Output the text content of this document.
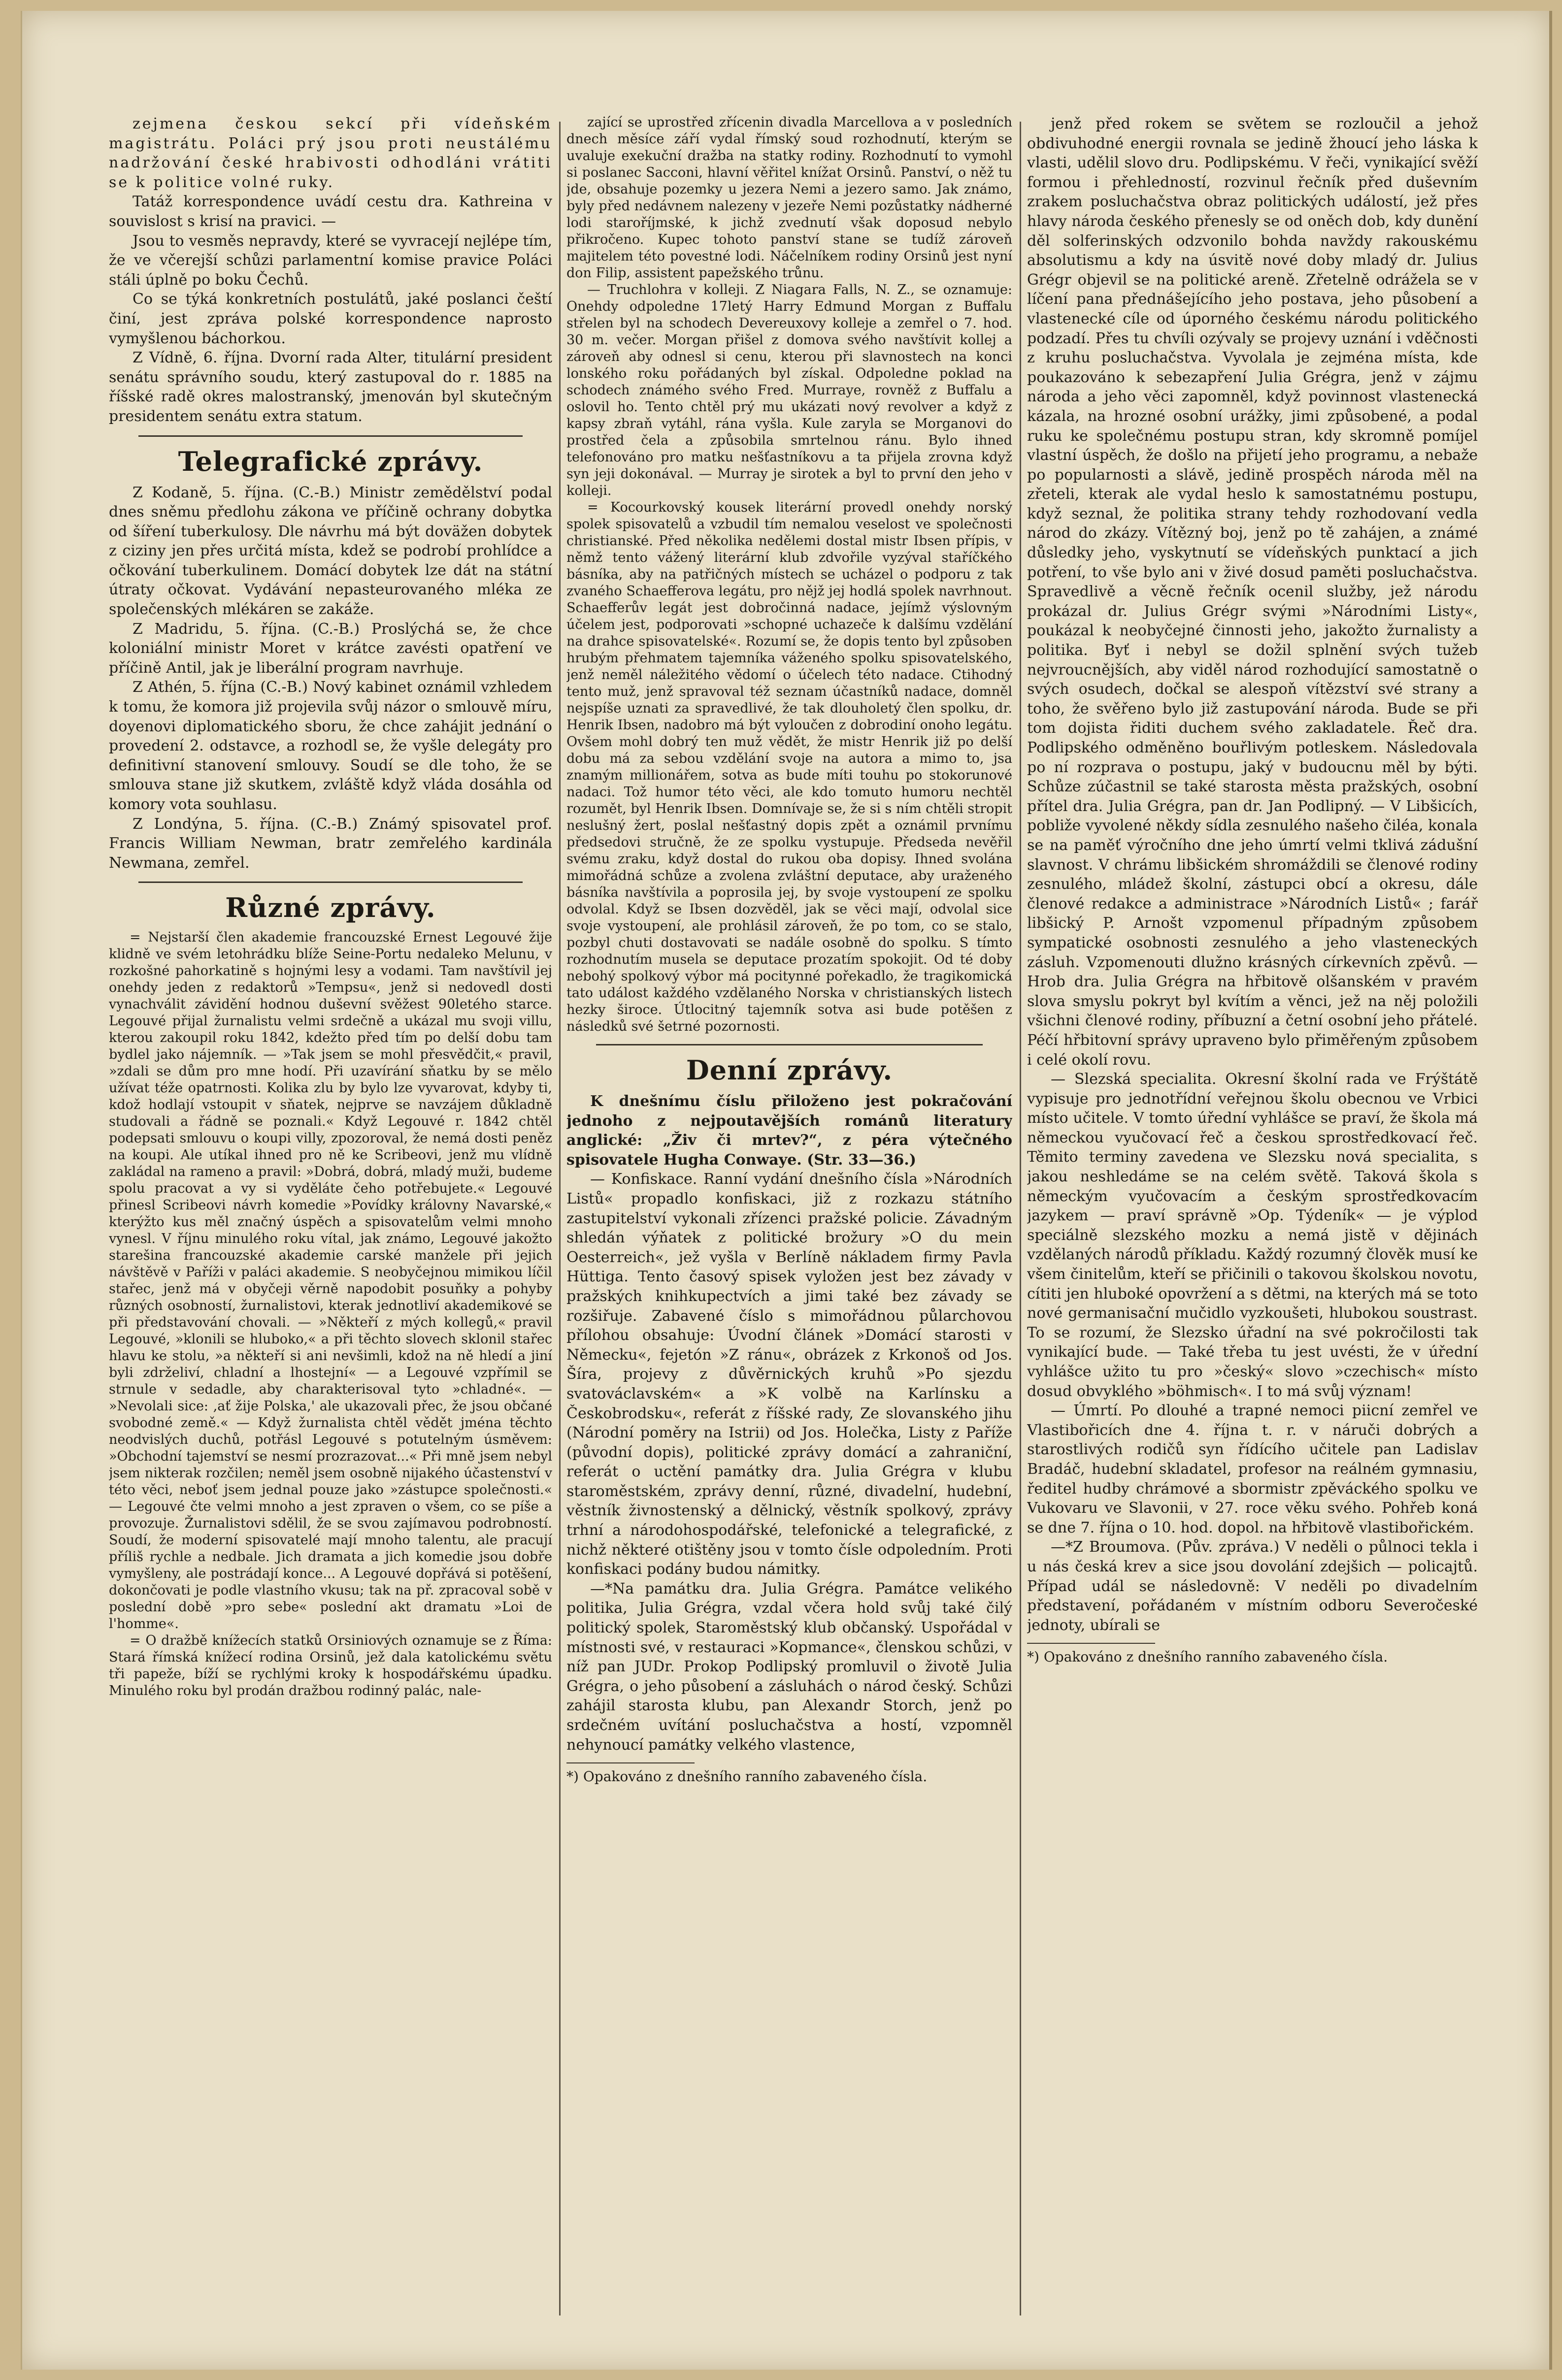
zejmena českou sekcí při vídeňském magistrátu. Poláci prý jsou proti neustálému nadržování české hrabivosti odhodláni vrátiti se k politice volné ruky.

Tatáž korrespondence uvádí cestu dra. Kathreina v souvislost s krisí na pravici. —

Jsou to vesměs nepravdy, které se vyvracejí nejlépe tím, že ve včerejší schůzi parlamentní komise pravice Poláci stáli úplně po boku Čechů.

Co se týká konkretních postulátů, jaké poslanci čeští činí, jest zpráva polské korrespondence naprosto vymyšlenou báchorkou.

Z Vídně, 6. října. Dvorní rada Alter, titulární president senátu správního soudu, který zastupoval do r. 1885 na říšské radě okres malostranský, jmenován byl skutečným presidentem senátu extra statum.

Telegrafické zprávy.

Z Kodaně, 5. října. (C.-B.) Ministr zemědělství podal dnes sněmu předlohu zákona ve příčině ochrany dobytka od šíření tuberkulosy. Dle návrhu má být doväžen dobytek z ciziny jen přes určitá místa, kdež se podrobí prohlídce a očkování tuberkulinem. Domácí dobytek lze dát na státní útraty očkovat. Vydávání nepasteurovaného mléka ze společenských mlékáren se zakáže.

Z Madridu, 5. října. (C.-B.) Proslýchá se, že chce koloniální ministr Moret v krátce zavésti opatření ve příčině Antil, jak je liberální program navrhuje.

Z Athén, 5. října (C.-B.) Nový kabinet oznámil vzhledem k tomu, že komora již projevila svůj názor o smlouvě míru, doyenovi diplomatického sboru, že chce zahájit jednání o provedení 2. odstavce, a rozhodl se, že vyšle delegáty pro definitivní stanovení smlouvy. Soudí se dle toho, že se smlouva stane již skutkem, zvláště když vláda dosáhla od komory vota souhlasu.

Z Londýna, 5. října. (C.-B.) Známý spisovatel prof. Francis William Newman, bratr zemřelého kardinála Newmana, zemřel.

Různé zprávy.

= Nejstarší člen akademie francouzské Ernest Legouvé žije klidně ve svém letohrádku blíže Seine-Portu nedaleko Melunu, v rozkošné pahorkatině s hojnými lesy a vodami. Tam navštívil jej onehdy jeden z redaktorů »Tempsu«, jenž si nedovedl dosti vynachválit závidění hodnou duševní svěžest 90letého starce. Legouvé přijal žurnalistu velmi srdečně a ukázal mu svoji villu, kterou zakoupil roku 1842, kdežto před tím po delší dobu tam bydlel jako nájemník. — »Tak jsem se mohl přesvědčit,« pravil, »zdali se dům pro mne hodí. Při uzavírání sňatku by se mělo užívat téže opatrnosti. Kolika zlu by bylo lze vyvarovat, kdyby ti, kdož hodlají vstoupit v sňatek, nejprve se navzájem důkladně studovali a řádně se poznali.« Když Legouvé r. 1842 chtěl podepsati smlouvu o koupi villy, zpozoroval, že nemá dosti peněz na koupi. Ale utíkal ihned pro ně ke Scribeovi, jenž mu vlídně zakládal na rameno a pravil: »Dobrá, dobrá, mladý muži, budeme spolu pracovat a vy si vyděláte čeho potřebujete.« Legouvé přinesl Scribeovi návrh komedie »Povídky královny Navarské,« kterýžto kus měl značný úspěch a spisovatelům velmi mnoho vynesl. V říjnu minulého roku vítal, jak známo, Legouvé jakožto starešina francouzské akademie carské manžele při jejich návštěvě v Paříži v paláci akademie. S neobyčejnou mimikou líčil stařec, jenž má v obyčeji věrně napodobit posuňky a pohyby různých osobností, žurnalistovi, kterak jednotliví akademikové se při představování chovali. — »Někteří z mých kollegů,« pravil Legouvé, »klonili se hluboko,« a při těchto slovech sklonil stařec hlavu ke stolu, »a někteří si ani nevšimli, kdož na ně hledí a jiní byli zdrželiví, chladní a lhostejní« — a Legouvé vzpřímil se strnule v sedadle, aby charakterisoval tyto »chladné«. — »Nevolali sice: ,ať žije Polska,' ale ukazovali přec, že jsou občané svobodné země.« — Když žurnalista chtěl vědět jména těchto neodvislých duchů, potřásl Legouvé s potutelným úsměvem: »Obchodní tajemství se nesmí prozrazovat...« Při mně jsem nebyl jsem nikterak rozčilen; neměl jsem osobně nijakého účastenství v této věci, neboť jsem jednal pouze jako »zástupce společnosti.« — Legouvé čte velmi mnoho a jest zpraven o všem, co se píše a provozuje. Žurnalistovi sdělil, že se svou zajímavou podrobností. Soudí, že moderní spisovatelé mají mnoho talentu, ale pracují příliš rychle a nedbale. Jich dramata a jich komedie jsou dobře vymyšleny, ale postrádají konce... A Legouvé dopřává si potěšení, dokončovati je podle vlastního vkusu; tak na př. zpracoval sobě v poslední době »pro sebe« poslední akt dramatu »Loi de l'homme«.

= O dražbě knížecích statků Orsiniových oznamuje se z Říma: Stará římská knížecí rodina Orsinů, jež dala katolickému světu tři papeže, bíží se rychlými kroky k hospodářskému úpadku. Minulého roku byl prodán dražbou rodinný palác, nale-

zající se uprostřed zřícenin divadla Marcellova a v posledních dnech měsíce září vydal římský soud rozhodnutí, kterým se uvaluje exekuční dražba na statky rodiny. Rozhodnutí to vymohl si poslanec Sacconi, hlavní věřitel knížat Orsinů. Panství, o něž tu jde, obsahuje pozemky u jezera Nemi a jezero samo. Jak známo, byly před nedávnem nalezeny v jezeře Nemi pozůstatky nádherné lodi staroříjmské, k jichž zvednutí však doposud nebylo přikročeno. Kupec tohoto panství stane se tudíž zároveň majitelem této povestné lodi. Náčelníkem rodiny Orsinů jest nyní don Filip, assistent papežského trůnu.

— Truchlohra v kolleji. Z Niagara Falls, N. Z., se oznamuje: Onehdy odpoledne 17letý Harry Edmund Morgan z Buffalu střelen byl na schodech Devereuxovy kolleje a zemřel o 7. hod. 30 m. večer. Morgan přišel z domova svého navštívit kollej a zároveň aby odnesl si cenu, kterou při slavnostech na konci lonského roku pořádaných byl získal. Odpoledne poklad na schodech známého svého Fred. Murraye, rovněž z Buffalu a oslovil ho. Tento chtěl prý mu ukázati nový revolver a když z kapsy zbraň vytáhl, rána vyšla. Kule zaryla se Morganovi do prostřed čela a způsobila smrtelnou ránu. Bylo ihned telefonováno pro matku nešťastníkovu a ta přijela zrovna když syn jeji dokonával. — Murray je sirotek a byl to první den jeho v kolleji.

= Kocourkovský kousek literární provedl onehdy norský spolek spisovatelů a vzbudil tím nemalou veselost ve společnosti christianské. Před několika nedělemi dostal mistr Ibsen přípis, v němž tento vážený literární klub zdvořile vyzýval staříčkého básníka, aby na patřičných místech se ucházel o podporu z tak zvaného Schaefferova legátu, pro nějž jej hodlá spolek navrhnout. Schaefferův legát jest dobročinná nadace, jejímž výslovným účelem jest, podporovati »schopné uchazeče k dalšímu vzdělání na drahce spisovatelské«. Rozumí se, že dopis tento byl způsoben hrubým přehmatem tajemníka váženého spolku spisovatelského, jenž neměl náležitého vědomí o účelech této nadace. Ctihodný tento muž, jenž spravoval též seznam účastníků nadace, domněl nejspíše uznati za spravedlivé, že tak dlouholetý člen spolku, dr. Henrik Ibsen, nadobro má být vyloučen z dobrodiní onoho legátu. Ovšem mohl dobrý ten muž vědět, že mistr Henrik již po delší dobu má za sebou vzdělání svoje na autora a mimo to, jsa znamým millionářem, sotva as bude míti touhu po stokorunové nadaci. Tož humor této věci, ale kdo tomuto humoru nechtěl rozumět, byl Henrik Ibsen. Domnívaje se, že si s ním chtěli stropit neslušný žert, poslal nešťastný dopis zpět a oznámil prvnímu předsedovi stručně, že ze spolku vystupuje. Předseda nevěřil svému zraku, když dostal do rukou oba dopisy. Ihned svolána mimořádná schůze a zvolena zvláštní deputace, aby uraženého básníka navštívila a poprosila jej, by svoje vystoupení ze spolku odvolal. Když se Ibsen dozvěděl, jak se věci mají, odvolal sice svoje vystoupení, ale prohlásil zároveň, že po tom, co se stalo, pozbyl chuti dostavovati se nadále osobně do spolku. S tímto rozhodnutím musela se deputace prozatím spokojit. Od té doby nebohý spolkový výbor má pocitynné pořekadlo, že tragikomická tato událost každého vzdělaného Norska v christianských listech hezky široce. Útlocitný tajemník sotva asi bude potěšen z následků své šetrné pozornosti.

Denní zprávy.

K dnešnímu číslu přiloženo jest pokračování jednoho z nejpoutavějších románů literatury anglické: „Živ či mrtev?“, z péra výtečného spisovatele Hugha Conwaye. (Str. 33—36.)

— Konfiskace. Ranní vydání dnešního čísla »Národních Listů« propadlo konfiskaci, již z rozkazu státního zastupitelství vykonali zřízenci pražské policie. Závadným shledán výňatek z politické brožury »O du mein Oesterreich«, jež vyšla v Berlíně nákladem firmy Pavla Hüttiga. Tento časový spisek vyložen jest bez závady v pražských knihkupectvích a jimi také bez závady se rozšiřuje. Zabavené číslo s mimořádnou půlarchovou přílohou obsahuje: Úvodní článek »Domácí starosti v Německu«, fejetón »Z ránu«, obrázek z Krkonoš od Jos. Šíra, projevy z důvěrnických kruhů »Po sjezdu svatováclavském« a »K volbě na Karlínsku a Českobrodsku«, referát z říšské rady, Ze slovanského jihu (Národní poměry na Istrii) od Jos. Holečka, Listy z Paříže (původní dopis), politické zprávy domácí a zahraniční, referát o uctění památky dra. Julia Grégra v klubu staroměstském, zprávy denní, různé, divadelní, hudební, věstník živnostenský a dělnický, věstník spolkový, zprávy trhní a národohospodářské, telefonické a telegrafické, z nichž některé otištěny jsou v tomto čísle odpoledním. Proti konfiskaci podány budou námitky.

—*Na památku dra. Julia Grégra. Památce velikého politika, Julia Grégra, vzdal včera hold svůj také čilý politický spolek, Staroměstský klub občanský. Uspořádal v místnosti své, v restauraci »Kopmance«, členskou schůzi, v níž pan JUDr. Prokop Podlipský promluvil o životě Julia Grégra, o jeho působení a zásluhách o národ český. Schůzi zahájil starosta klubu, pan Alexandr Storch, jenž po srdečném uvítání posluchačstva a hostí, vzpomněl nehynoucí památky velkého vlastence,

*) Opakováno z dnešního ranního zabaveného čísla.

jenž před rokem se světem se rozloučil a jehož obdivuhodné energii rovnala se jedině žhoucí jeho láska k vlasti, udělil slovo dru. Podlipskému. V řeči, vynikající svěží formou i přehledností, rozvinul řečník před duševním zrakem posluchačstva obraz politických událostí, jež přes hlavy národa českého přenesly se od oněch dob, kdy dunění děl solferinských odzvonilo bohda navždy rakouskému absolutismu a kdy na úsvitě nové doby mladý dr. Julius Grégr objevil se na politické areně. Zřetelně odrážela se v líčení pana přednášejícího jeho postava, jeho působení a vlastenecké cíle od úporného českému národu politického podzadí. Přes tu chvíli ozývaly se projevy uznání i vděčnosti z kruhu posluchačstva. Vyvolala je zejména místa, kde poukazováno k sebezapření Julia Grégra, jenž v zájmu národa a jeho věci zapomněl, když povinnost vlastenecká kázala, na hrozné osobní urážky, jimi způsobené, a podal ruku ke společnému postupu stran, kdy skromně pomíjel vlastní úspěch, že došlo na přijetí jeho programu, a nebaže po popularnosti a slávě, jedině prospěch národa měl na zřeteli, kterak ale vydal heslo k samostatnému postupu, když seznal, že politika strany tehdy rozhodovaní vedla národ do zkázy. Vítězný boj, jenž po tě zahájen, a známé důsledky jeho, vyskytnutí se vídeňských punktací a jich potření, to vše bylo ani v živé dosud paměti posluchačstva. Spravedlivě a věcně řečník ocenil služby, jež národu prokázal dr. Julius Grégr svými »Národními Listy«, poukázal k neobyčejné činnosti jeho, jakožto žurnalisty a politika. Byť i nebyl se dožil splnění svých tužeb nejvroucnějších, aby viděl národ rozhodující samostatně o svých osudech, dočkal se alespoň vítězství své strany a toho, že svěřeno bylo již zastupování národa. Bude se při tom dojista řiditi duchem svého zakladatele. Řeč dra. Podlipského odměněno bouřlivým potleskem. Následovala po ní rozprava o postupu, jaký v budoucnu měl by býti. Schůze zúčastnil se také starosta města pražských, osobní přítel dra. Julia Grégra, pan dr. Jan Podlipný. — V Libšicích, pobliže vyvolené někdy sídla zesnulého našeho čiléa, konala se na paměť výročního dne jeho úmrtí velmi tklivá zádušní slavnost. V chrámu libšickém shromáždili se členové rodiny zesnulého, mládež školní, zástupci obcí a okresu, dále členové redakce a administrace »Národních Listů« ; farář libšický P. Arnošt vzpomenul případným způsobem sympatické osobnosti zesnulého a jeho vlasteneckých zásluh. Vzpomenouti dlužno krásných církevních zpěvů. — Hrob dra. Julia Grégra na hřbitově olšanském v pravém slova smyslu pokryt byl kvítím a věnci, jež na něj položili všichni členové rodiny, příbuzní a četní osobní jeho přátelé. Péčí hřbitovní správy upraveno bylo přiměřeným způsobem i celé okolí rovu.

— Slezská specialita. Okresní školní rada ve Frýštátě vypisuje pro jednotřídní veřejnou školu obecnou ve Vrbici místo učitele. V tomto úřední vyhlášce se praví, že škola má německou vyučovací řeč a českou sprostředkovací řeč. Těmito terminy zavedena ve Slezsku nová specialita, s jakou neshledáme se na celém světě. Taková škola s německým vyučovacím a českým sprostředkovacím jazykem — praví správně »Op. Týdeník« — je výplod speciálně slezského mozku a nemá jistě v dějinách vzdělaných národů příkladu. Každý rozumný člověk musí ke všem činitelům, kteří se přičinili o takovou školskou novotu, cítiti jen hluboké opovržení a s dětmi, na kterých má se toto nové germanisační mučidlo vyzkoušeti, hlubokou soustrast. To se rozumí, že Slezsko úřadní na své pokročilosti tak vynikající bude. — Také třeba tu jest uvésti, že v úřední vyhlášce užito tu pro »český« slovo »czechisch« místo dosud obvyklého »böhmisch«. I to má svůj význam!

— Úmrtí. Po dlouhé a trapné nemoci piicní zemřel ve Vlastibořicích dne 4. října t. r. v náruči dobrých a starostlivých rodičů syn řídícího učitele pan Ladislav Bradáč, hudební skladatel, profesor na reálném gymnasiu, ředitel hudby chrámové a sbormistr zpěváckého spolku ve Vukovaru ve Slavonii, v 27. roce věku svého. Pohřeb koná se dne 7. října o 10. hod. dopol. na hřbitově vlastibořickém.

—*Z Broumova. (Pův. zpráva.) V neděli o půlnoci tekla i u nás česká krev a sice jsou dovolání zdejšich — policajtů. Případ udál se následovně: V neděli po divadelním představení, pořádaném v místním odboru Severočeské jednoty, ubírali se

*) Opakováno z dnešního ranního zabaveného čísla.
